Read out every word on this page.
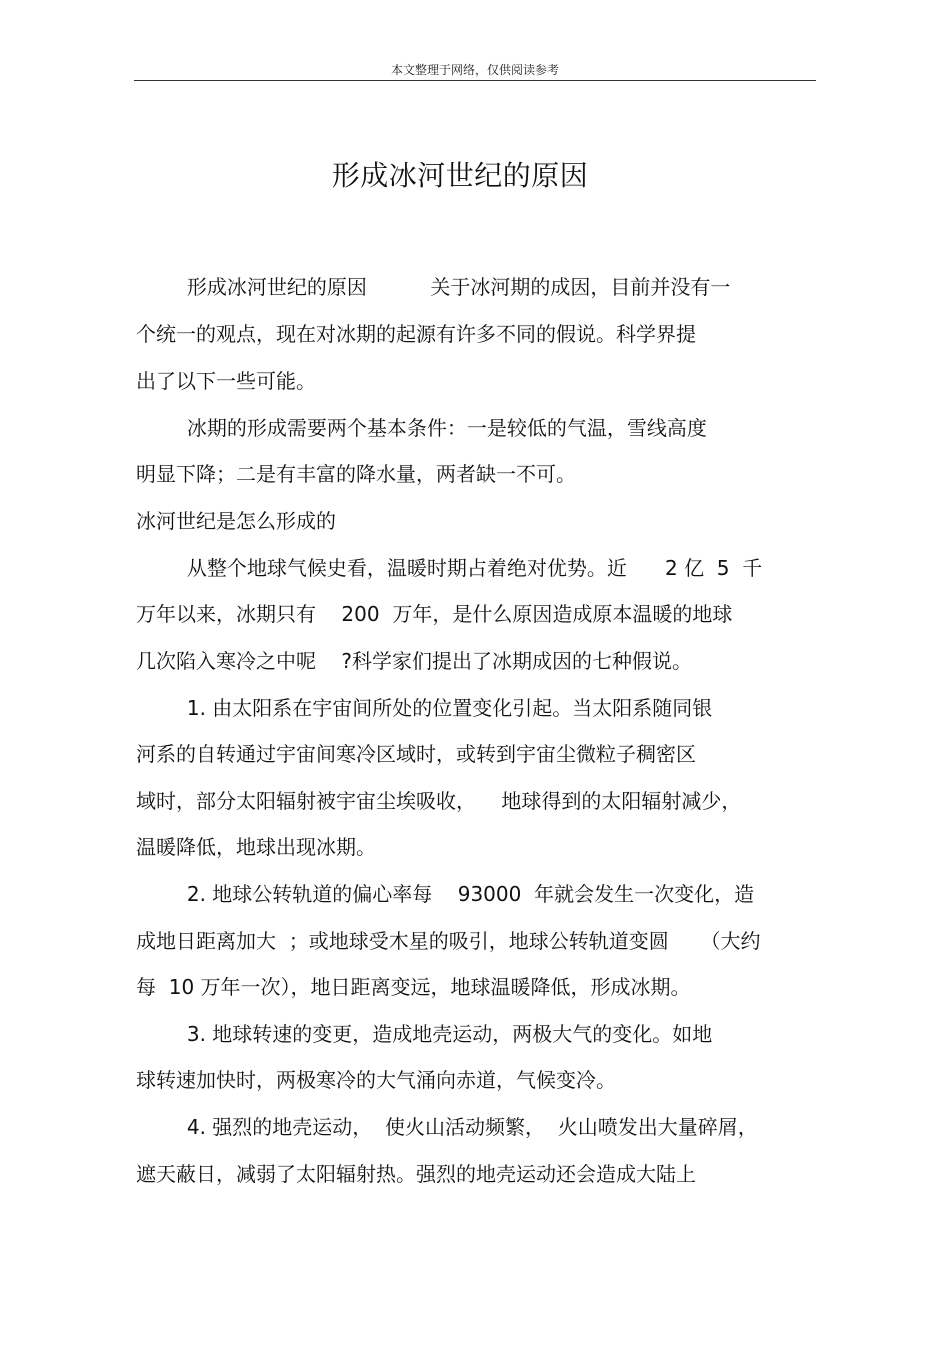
本文整理于网络，仅供阅读参考
形成冰河世纪的原因
形成冰河世纪的原因          关于冰河期的成因，目前并没有一
个统一的观点，现在对冰期的起源有许多不同的假说。科学界提
出了以下一些可能。
冰期的形成需要两个基本条件：一是较低的气温，雪线高度
明显下降；二是有丰富的降水量，两者缺一不可。
冰河世纪是怎么形成的
从整个地球气候史看，温暖时期占着绝对优势。近      2 亿  5  千
万年以来，冰期只有    200  万年，是什么原因造成原本温暖的地球
几次陷入寒冷之中呢    ?科学家们提出了冰期成因的七种假说。
1. 由太阳系在宇宙间所处的位置变化引起。当太阳系随同银
河系的自转通过宇宙间寒冷区域时，或转到宇宙尘微粒子稠密区
域时，部分太阳辐射被宇宙尘埃吸收，    地球得到的太阳辐射减少，
温暖降低，地球出现冰期。
2. 地球公转轨道的偏心率每    93000  年就会发生一次变化，造
成地日距离加大  ；或地球受木星的吸引，地球公转轨道变圆     （大约
每  10 万年一次），地日距离变远，地球温暖降低，形成冰期。
3. 地球转速的变更，造成地壳运动，两极大气的变化。如地
球转速加快时，两极寒冷的大气涌向赤道，气候变冷。
4. 强烈的地壳运动，  使火山活动频繁，  火山喷发出大量碎屑，
遮天蔽日，减弱了太阳辐射热。强烈的地壳运动还会造成大陆上
